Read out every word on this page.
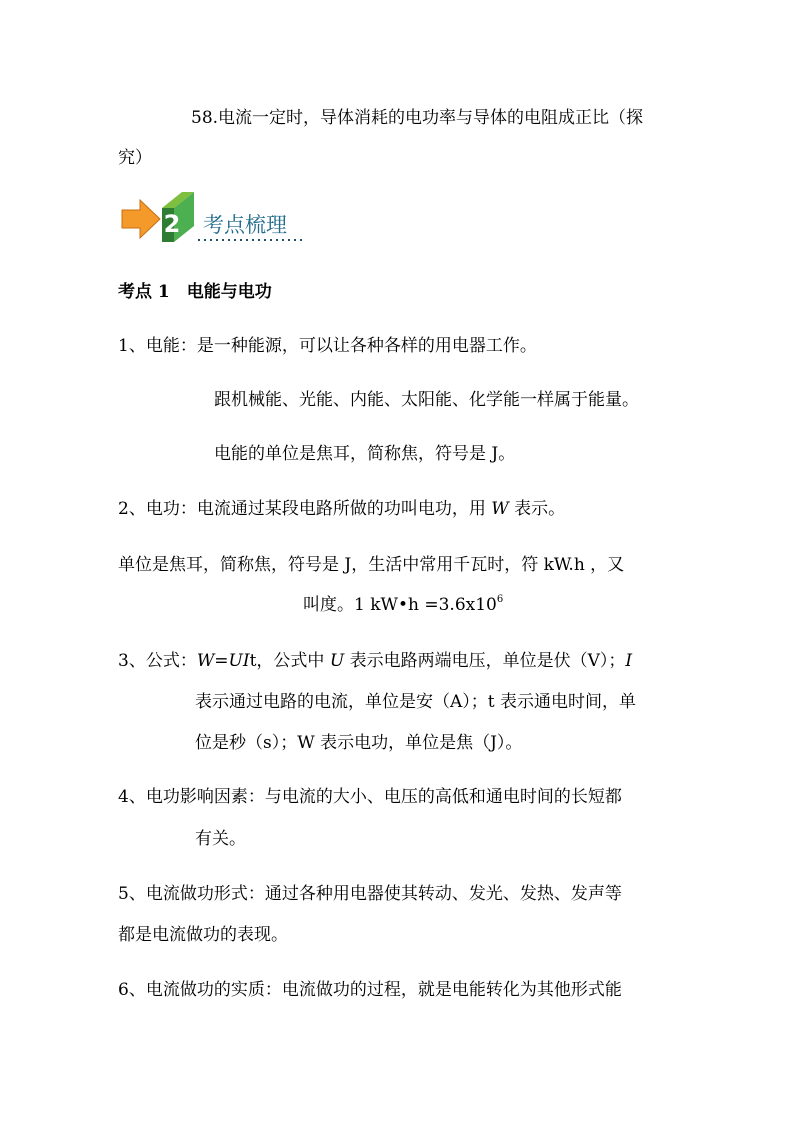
58.电流一定时，导体消耗的电功率与导体的电阻成正比（探
究）
2 考点梳理
考点 1　电能与电功
1、电能：是一种能源，可以让各种各样的用电器工作。
跟机械能、光能、内能、太阳能、化学能一样属于能量。
电能的单位是焦耳，简称焦，符号是 J。
2、电功：电流通过某段电路所做的功叫电功，用 W 表示。
单位是焦耳，简称焦，符号是 J，生活中常用千瓦时，符 kW.h ，又
叫度。1 kW•h $=3.6x10^6$
3、公式：W=UIt，公式中 U 表示电路两端电压，单位是伏（V）；I
表示通过电路的电流，单位是安（A）；t 表示通电时间，单
位是秒（s）；W 表示电功，单位是焦（J）。
4、电功影响因素：与电流的大小、电压的高低和通电时间的长短都
有关。
5、电流做功形式：通过各种用电器使其转动、发光、发热、发声等
都是电流做功的表现。
6、电流做功的实质：电流做功的过程，就是电能转化为其他形式能
